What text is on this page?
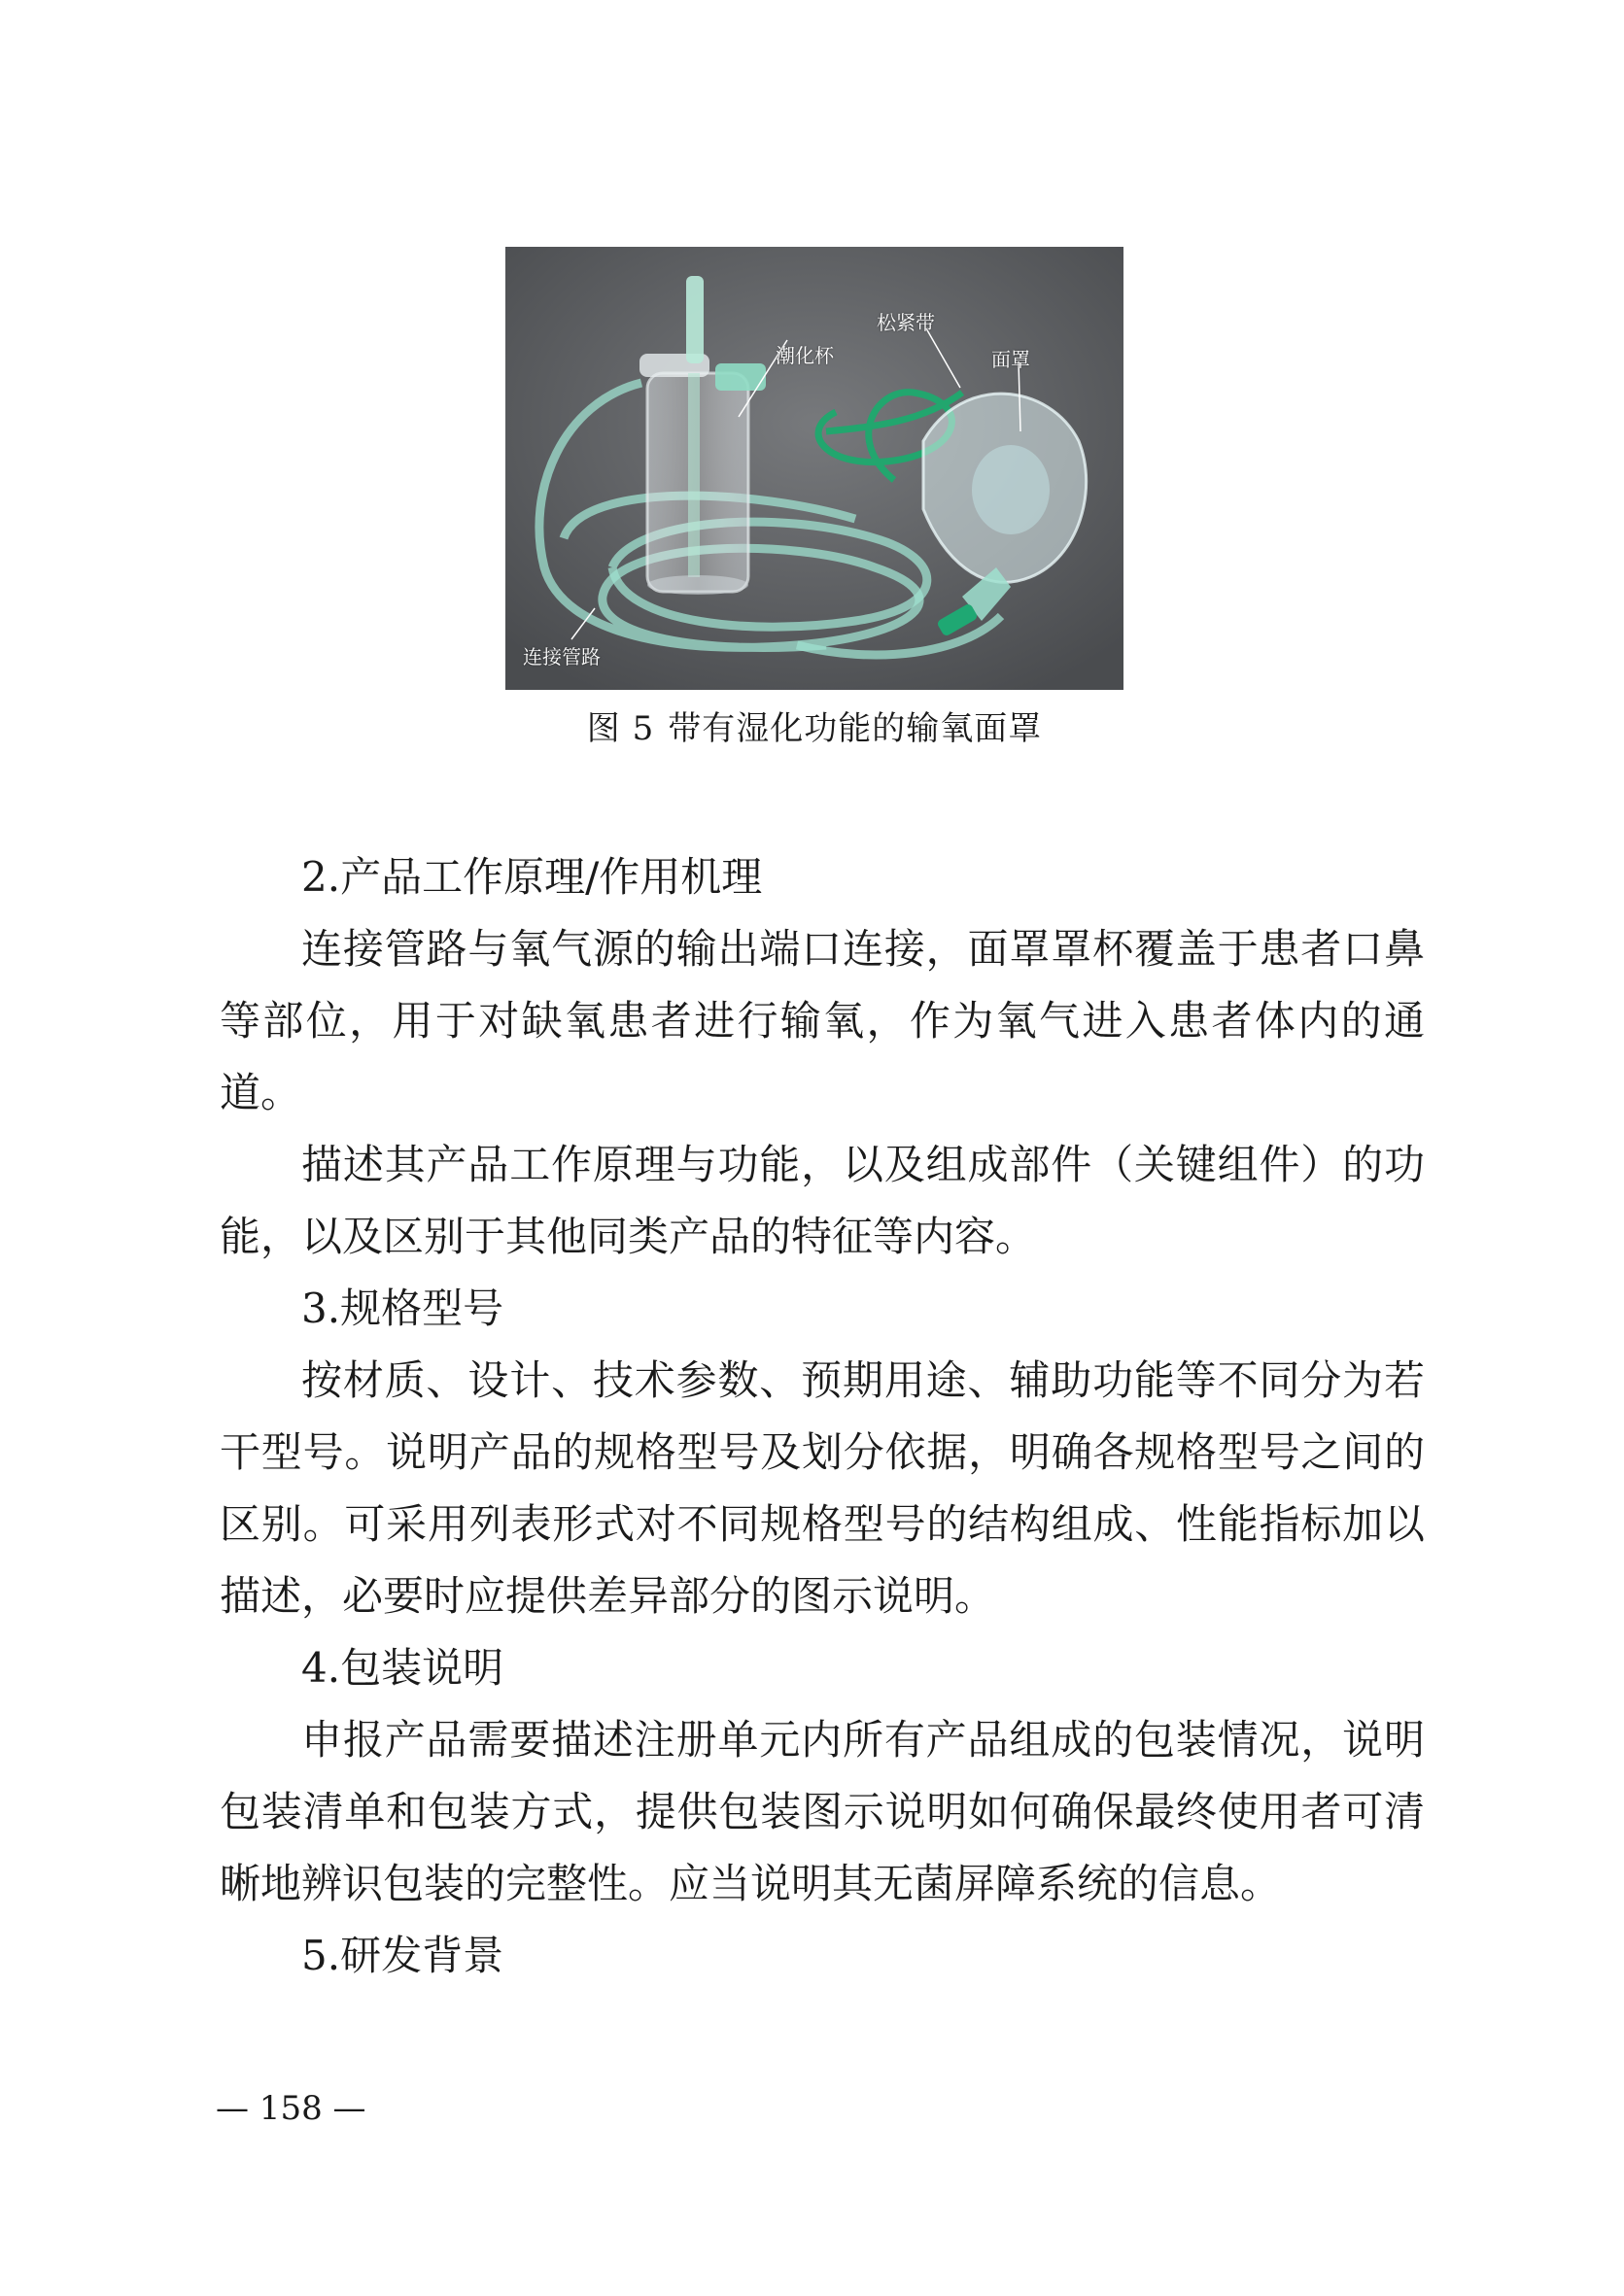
潮化杯
松紧带
面罩
连接管路
图 5 带有湿化功能的输氧面罩

2.产品工作原理/作用机理

连接管路与氧气源的输出端口连接，面罩罩杯覆盖于患者口鼻等部位，用于对缺氧患者进行输氧，作为氧气进入患者体内的通道。

描述其产品工作原理与功能，以及组成部件（关键组件）的功能，以及区别于其他同类产品的特征等内容。

3.规格型号

按材质、设计、技术参数、预期用途、辅助功能等不同分为若干型号。说明产品的规格型号及划分依据，明确各规格型号之间的区别。可采用列表形式对不同规格型号的结构组成、性能指标加以描述，必要时应提供差异部分的图示说明。

4.包装说明

申报产品需要描述注册单元内所有产品组成的包装情况，说明包装清单和包装方式，提供包装图示说明如何确保最终使用者可清晰地辨识包装的完整性。应当说明其无菌屏障系统的信息。

5.研发背景

— 158 —
